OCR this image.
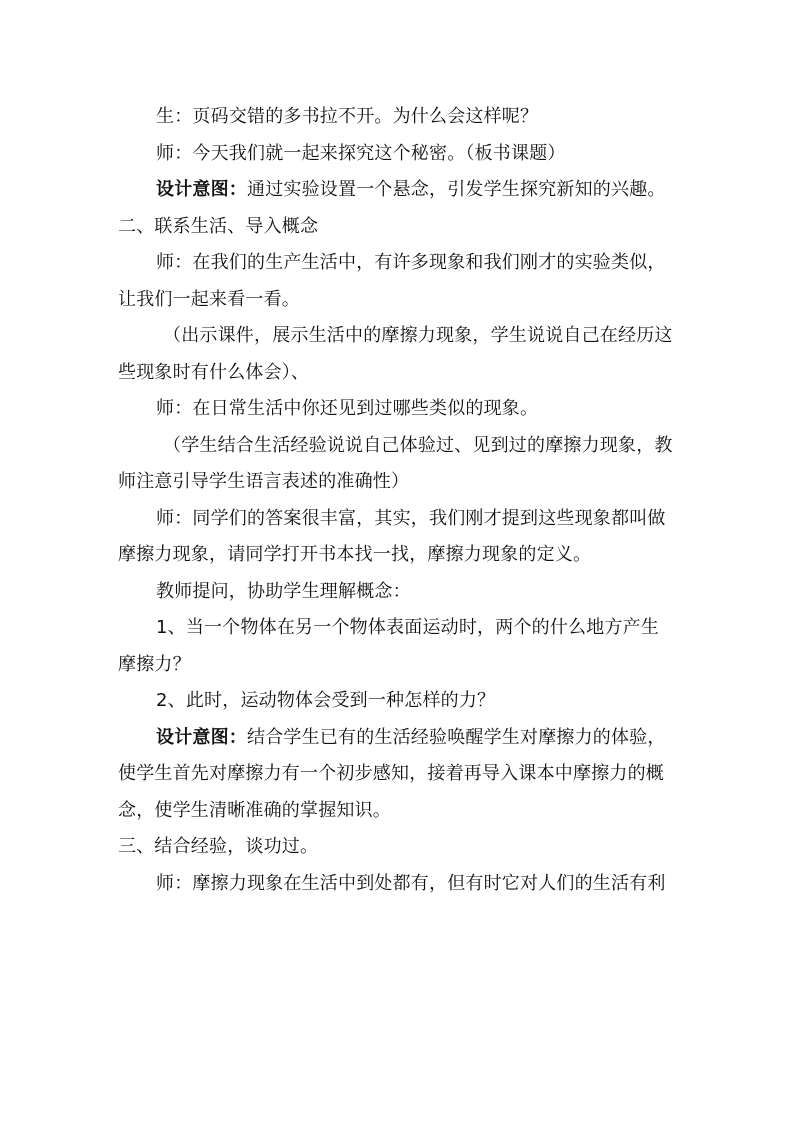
生：页码交错的多书拉不开。为什么会这样呢？

师：今天我们就一起来探究这个秘密。（板书课题）

设计意图：通过实验设置一个悬念，引发学生探究新知的兴趣。

二、联系生活、导入概念

师：在我们的生产生活中，有许多现象和我们刚才的实验类似，

让我们一起来看一看。

（出示课件，展示生活中的摩擦力现象，学生说说自己在经历这

些现象时有什么体会）、

师：在日常生活中你还见到过哪些类似的现象。

（学生结合生活经验说说自己体验过、见到过的摩擦力现象，教

师注意引导学生语言表述的准确性）

师：同学们的答案很丰富，其实，我们刚才提到这些现象都叫做

摩擦力现象，请同学打开书本找一找，摩擦力现象的定义。

教师提问，协助学生理解概念：

1、当一个物体在另一个物体表面运动时，两个的什么地方产生

摩擦力？

2、此时，运动物体会受到一种怎样的力？

设计意图：结合学生已有的生活经验唤醒学生对摩擦力的体验，

使学生首先对摩擦力有一个初步感知，接着再导入课本中摩擦力的概

念，使学生清晰准确的掌握知识。

三、结合经验，谈功过。

师：摩擦力现象在生活中到处都有，但有时它对人们的生活有利
